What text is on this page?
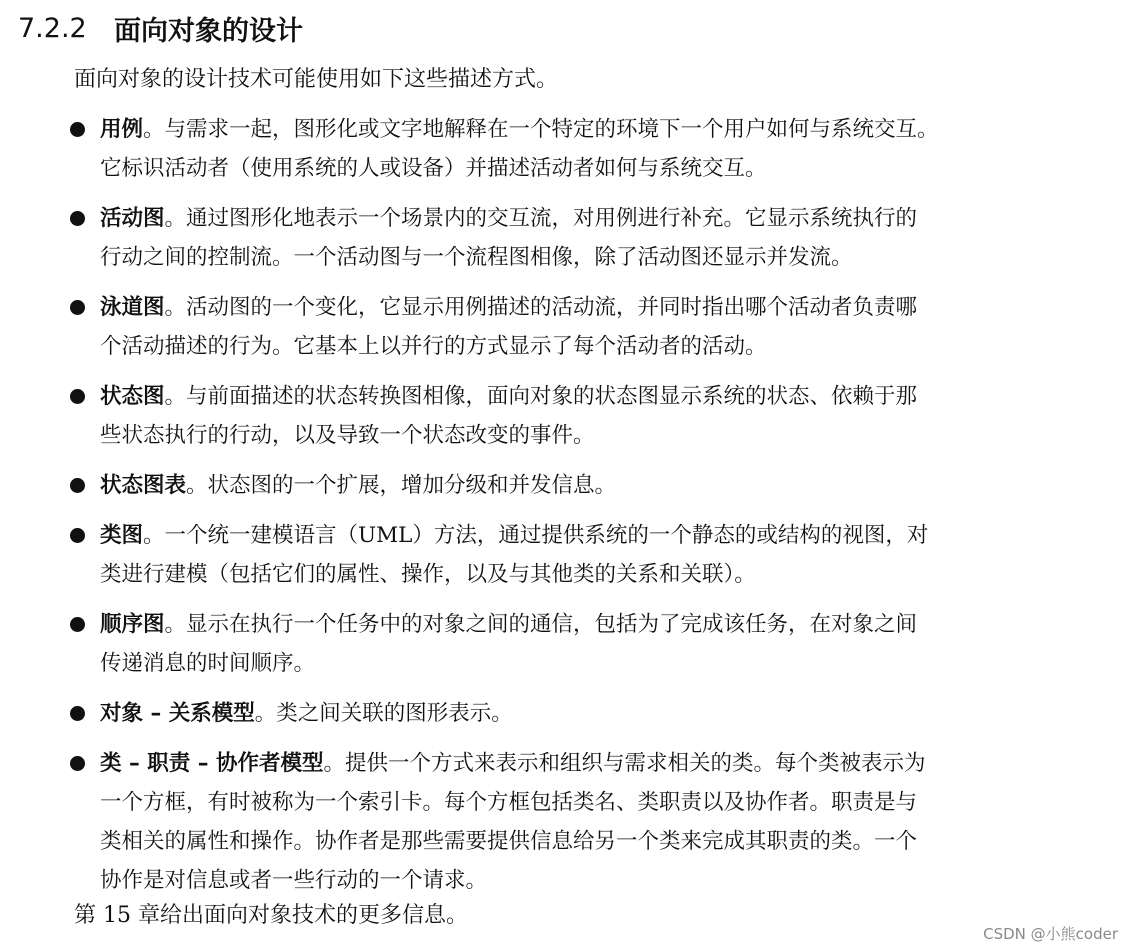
7.2.2	面向对象的设计
面向对象的设计技术可能使用如下这些描述方式。
用例。与需求一起，图形化或文字地解释在一个特定的环境下一个用户如何与系统交互。
它标识活动者（使用系统的人或设备）并描述活动者如何与系统交互。
活动图。通过图形化地表示一个场景内的交互流，对用例进行补充。它显示系统执行的
行动之间的控制流。一个活动图与一个流程图相像，除了活动图还显示并发流。
泳道图。活动图的一个变化，它显示用例描述的活动流，并同时指出哪个活动者负责哪
个活动描述的行为。它基本上以并行的方式显示了每个活动者的活动。
状态图。与前面描述的状态转换图相像，面向对象的状态图显示系统的状态、依赖于那
些状态执行的行动，以及导致一个状态改变的事件。
状态图表。状态图的一个扩展，增加分级和并发信息。
类图。一个统一建模语言（UML）方法，通过提供系统的一个静态的或结构的视图，对
类进行建模（包括它们的属性、操作，以及与其他类的关系和关联）。
顺序图。显示在执行一个任务中的对象之间的通信，包括为了完成该任务，在对象之间
传递消息的时间顺序。
对象 – 关系模型。类之间关联的图形表示。
类 – 职责 – 协作者模型。提供一个方式来表示和组织与需求相关的类。每个类被表示为
一个方框，有时被称为一个索引卡。每个方框包括类名、类职责以及协作者。职责是与
类相关的属性和操作。协作者是那些需要提供信息给另一个类来完成其职责的类。一个
协作是对信息或者一些行动的一个请求。
第 15 章给出面向对象技术的更多信息。
CSDN @小熊coder
